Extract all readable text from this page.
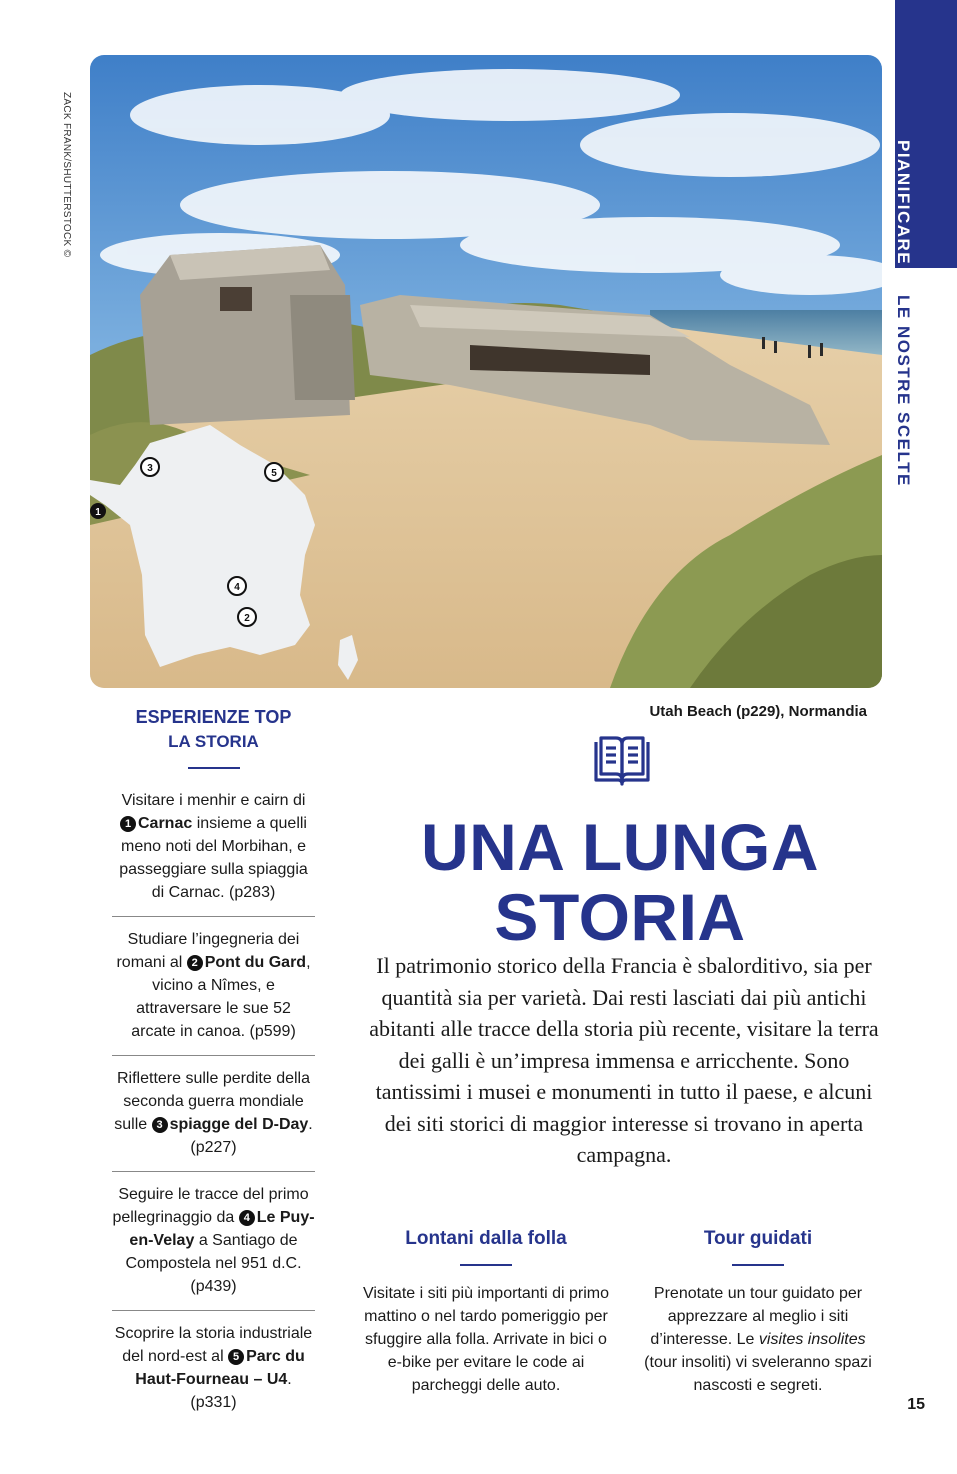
PIANIFICARE
LE NOSTRE SCELTE
ZACK FRANK/SHUTTERSTOCK ©
1
3	5
4
2
Utah Beach (p229), Normandia
ESPERIENZE TOP
LA STORIA
Visitare i menhir e cairn di 1 Carnac insieme a quelli meno noti del Morbihan, e passeggiare sulla spiaggia di Carnac. (p283)
Studiare l’ingegneria dei romani al 2 Pont du Gard, vicino a Nîmes, e attraversare le sue 52 arcate in canoa. (p599)
Riflettere sulle perdite della seconda guerra mondiale sulle 3 spiagge del D-Day. (p227)
Seguire le tracce del primo pellegrinaggio da 4 Le Puy-en-Velay a Santiago de Compostela nel 951 d.C. (p439)
Scoprire la storia industriale del nord-est al 5 Parc du Haut-Fourneau – U4. (p331)
UNA LUNGA
STORIA
Il patrimonio storico della Francia è sbalorditivo, sia per quantità sia per varietà. Dai resti lasciati dai più antichi abitanti alle tracce della storia più recente, visitare la terra dei galli è un’impresa immensa e arricchente. Sono tantissimi i musei e monumenti in tutto il paese, e alcuni dei siti storici di maggior interesse si trovano in aperta campagna.
Lontani dalla folla

Visitate i siti più importanti di primo mattino o nel tardo pomeriggio per sfuggire alla folla. Arrivate in bici o e-bike per evitare le code ai parcheggi delle auto.

Tour guidati

Prenotate un tour guidato per apprezzare al meglio i siti d’interesse. Le visites insolites (tour insoliti) vi sveleranno spazi nascosti e segreti.

15
